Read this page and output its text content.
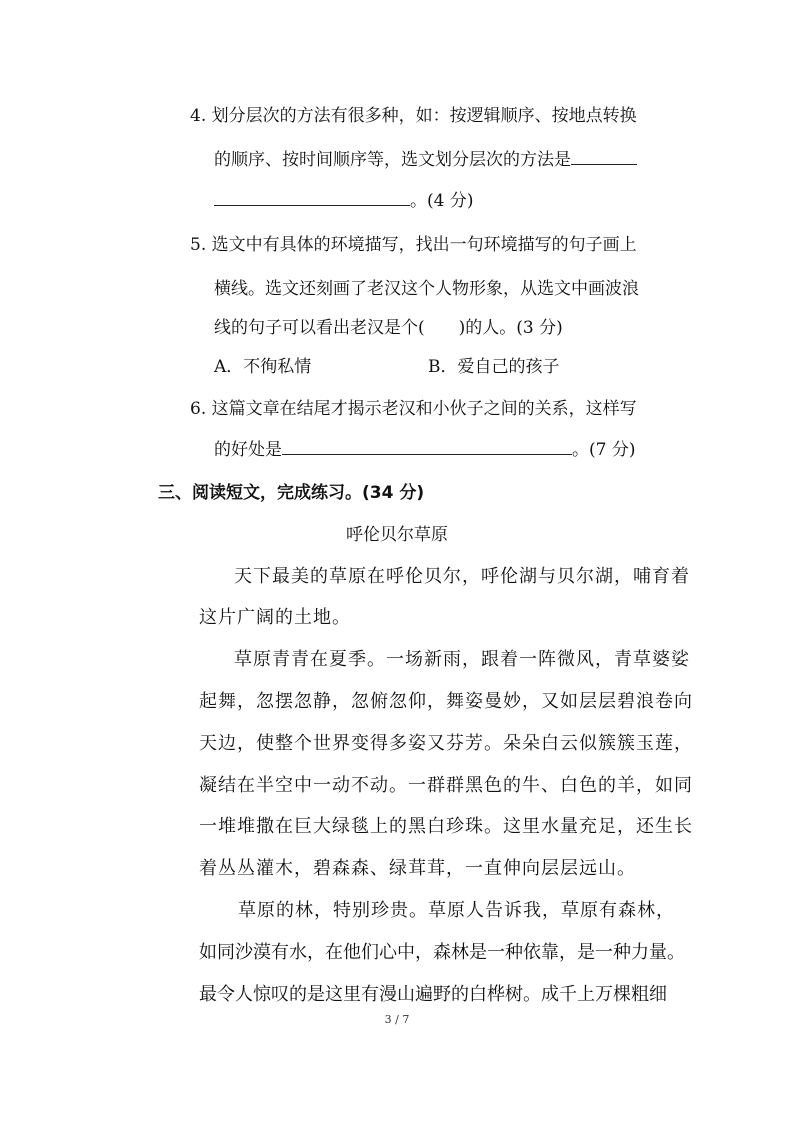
4. 划分层次的方法有很多种，如：按逻辑顺序、按地点转换
的顺序、按时间顺序等，选文划分层次的方法是
。(4 分)
5. 选文中有具体的环境描写，找出一句环境描写的句子画上
横线。选文还刻画了老汉这个人物形象，从选文中画波浪
线的句子可以看出老汉是个(　　)的人。(3 分)
A．不徇私情	B．爱自己的孩子
6. 这篇文章在结尾才揭示老汉和小伙子之间的关系，这样写
的好处是	。(7 分)
三、阅读短文，完成练习。(34 分)
呼伦贝尔草原
天下最美的草原在呼伦贝尔，呼伦湖与贝尔湖，哺育着
这片广阔的土地。
草原青青在夏季。一场新雨，跟着一阵微风，青草婆娑
起舞，忽摆忽静，忽俯忽仰，舞姿曼妙，又如层层碧浪卷向
天边，使整个世界变得多姿又芬芳。朵朵白云似簇簇玉莲，
凝结在半空中一动不动。一群群黑色的牛、白色的羊，如同
一堆堆撒在巨大绿毯上的黑白珍珠。这里水量充足，还生长
着丛丛灌木，碧森森、绿茸茸，一直伸向层层远山。
草原的林，特别珍贵。草原人告诉我，草原有森林，
如同沙漠有水，在他们心中，森林是一种依靠，是一种力量。
最令人惊叹的是这里有漫山遍野的白桦树。成千上万棵粗细
3 / 7
